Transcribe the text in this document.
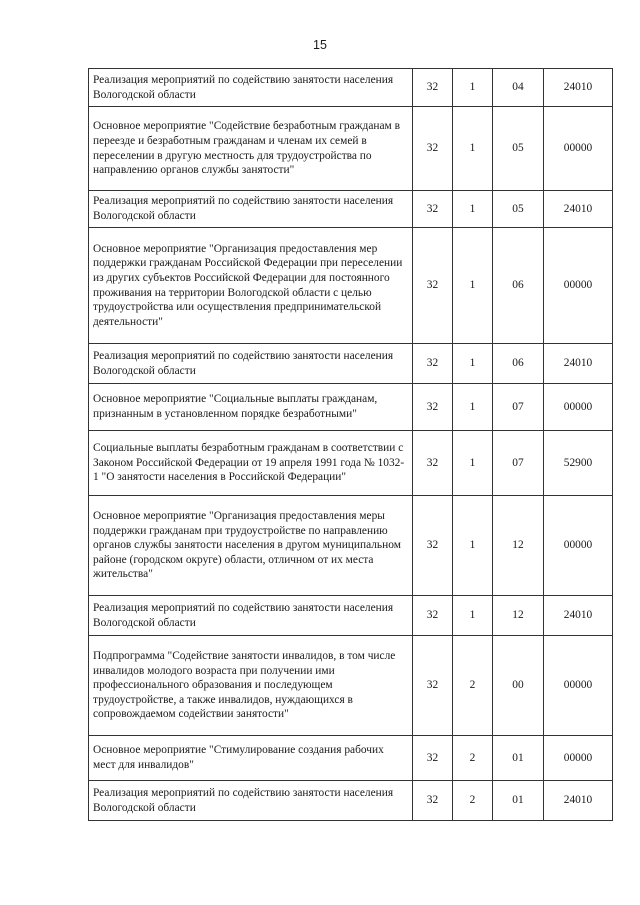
15
Реализация мероприятий по содействию занятости населения Вологодской области	32	1	04	24010
Основное мероприятие "Содействие безработным гражданам в переезде и безработным гражданам и членам их семей в переселении в другую местность для трудоустройства по направлению органов службы занятости"	32	1	05	00000
Реализация мероприятий по содействию занятости населения Вологодской области	32	1	05	24010
Основное мероприятие "Организация предоставления мер поддержки гражданам Российской Федерации при переселении из других субъектов Российской Федерации для постоянного проживания на территории Вологодской области с целью трудоустройства или осуществления предпринимательской деятельности"	32	1	06	00000
Реализация мероприятий по содействию занятости населения Вологодской области	32	1	06	24010
Основное мероприятие "Социальные выплаты гражданам, признанным в установленном порядке безработными"	32	1	07	00000
Социальные выплаты безработным гражданам в соответствии с Законом Российской Федерации от 19 апреля 1991 года № 1032-1 "О занятости населения в Российской Федерации"	32	1	07	52900
Основное мероприятие "Организация предоставления меры поддержки гражданам при трудоустройстве по направлению органов службы занятости населения в другом муниципальном районе (городском округе) области, отличном от их места жительства"	32	1	12	00000
Реализация мероприятий по содействию занятости населения Вологодской области	32	1	12	24010
Подпрограмма "Содействие занятости инвалидов, в том числе инвалидов молодого возраста при получении ими профессионального образования и последующем трудоустройстве, а также инвалидов, нуждающихся в сопровождаемом содействии занятости"	32	2	00	00000
Основное мероприятие "Стимулирование создания рабочих мест для инвалидов"	32	2	01	00000
Реализация мероприятий по содействию занятости населения Вологодской области	32	2	01	24010
